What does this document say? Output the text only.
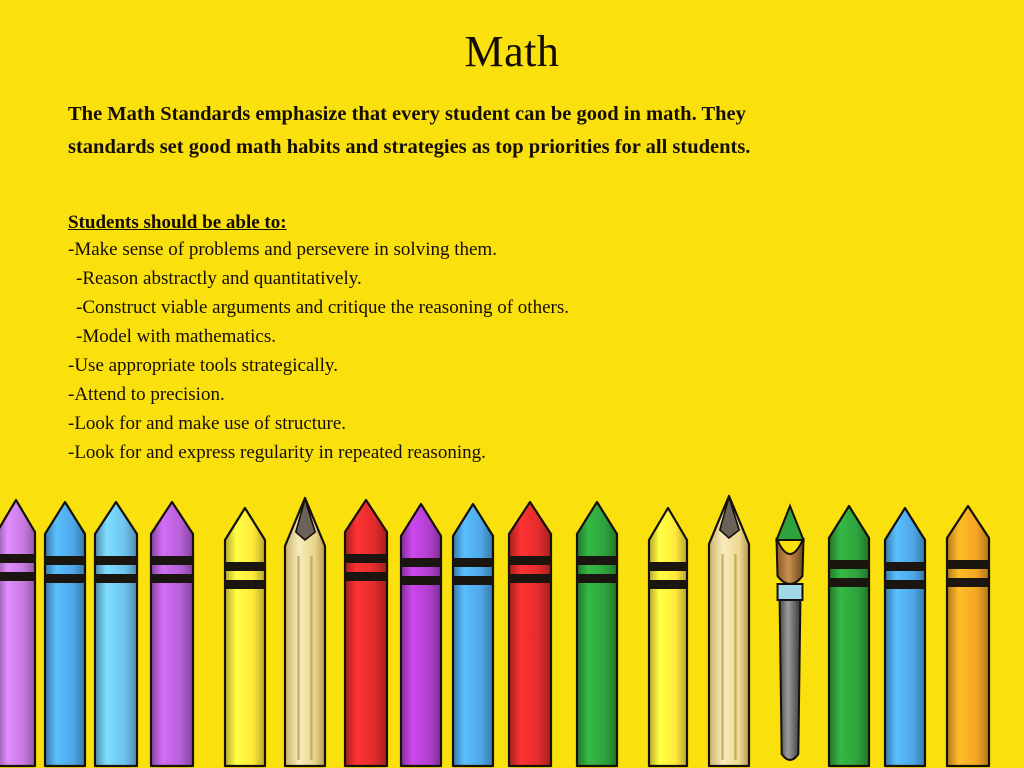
Math

The Math Standards emphasize that every student can be good in math. They standards set good math habits and strategies as top priorities for all students.

Students should be able to:
-Make sense of problems and persevere in solving them.
-Reason abstractly and quantitatively.
-Construct viable arguments and critique the reasoning of others.
-Model with mathematics.
-Use appropriate tools strategically.
-Attend to precision.
-Look for and make use of structure.
-Look for and express regularity in repeated reasoning.
